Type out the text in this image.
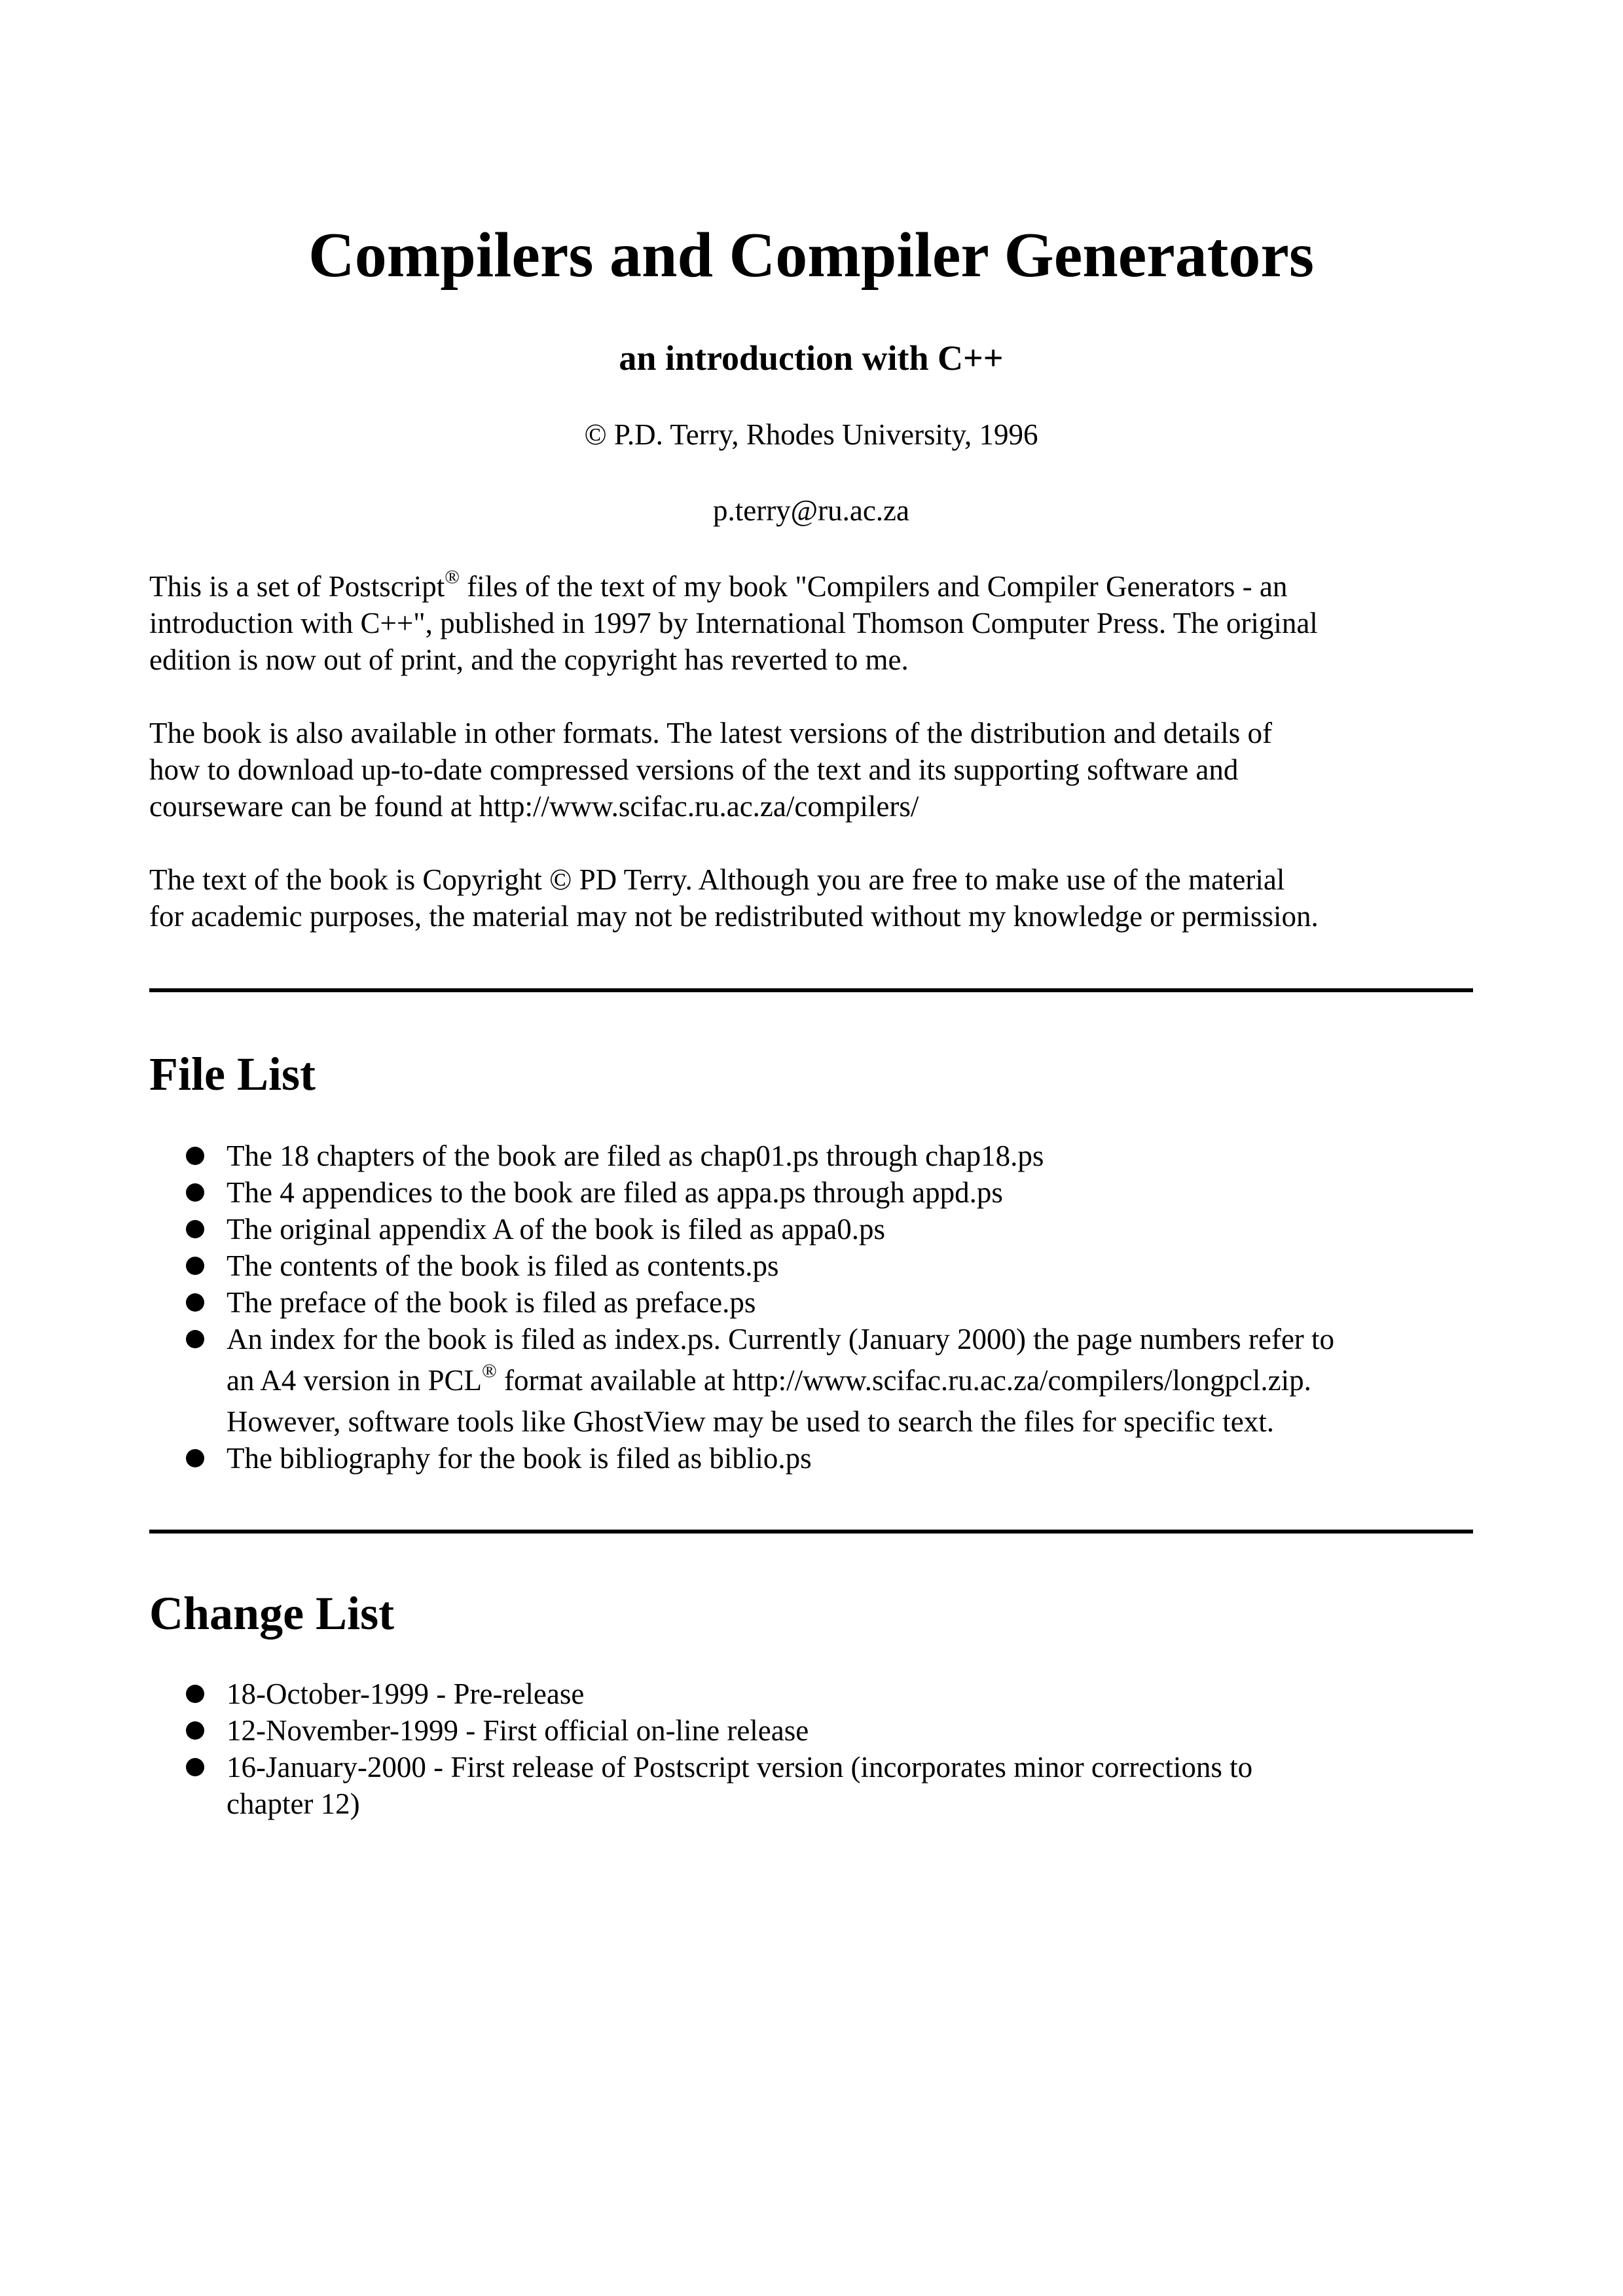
Compilers and Compiler Generators
an introduction with C++

© P.D. Terry, Rhodes University, 1996

p.terry@ru.ac.za

This is a set of Postscript® files of the text of my book "Compilers and Compiler Generators - an
introduction with C++", published in 1997 by International Thomson Computer Press. The original
edition is now out of print, and the copyright has reverted to me.

The book is also available in other formats. The latest versions of the distribution and details of
how to download up-to-date compressed versions of the text and its supporting software and
courseware can be found at http://www.scifac.ru.ac.za/compilers/

The text of the book is Copyright © PD Terry. Although you are free to make use of the material
for academic purposes, the material may not be redistributed without my knowledge or permission.

File List
The 18 chapters of the book are filed as chap01.ps through chap18.ps
The 4 appendices to the book are filed as appa.ps through appd.ps
The original appendix A of the book is filed as appa0.ps
The contents of the book is filed as contents.ps
The preface of the book is filed as preface.ps
An index for the book is filed as index.ps. Currently (January 2000) the page numbers refer to
an A4 version in PCL® format available at http://www.scifac.ru.ac.za/compilers/longpcl.zip.
However, software tools like GhostView may be used to search the files for specific text.
The bibliography for the book is filed as biblio.ps
Change List
18-October-1999 - Pre-release
12-November-1999 - First official on-line release
16-January-2000 - First release of Postscript version (incorporates minor corrections to
chapter 12)
